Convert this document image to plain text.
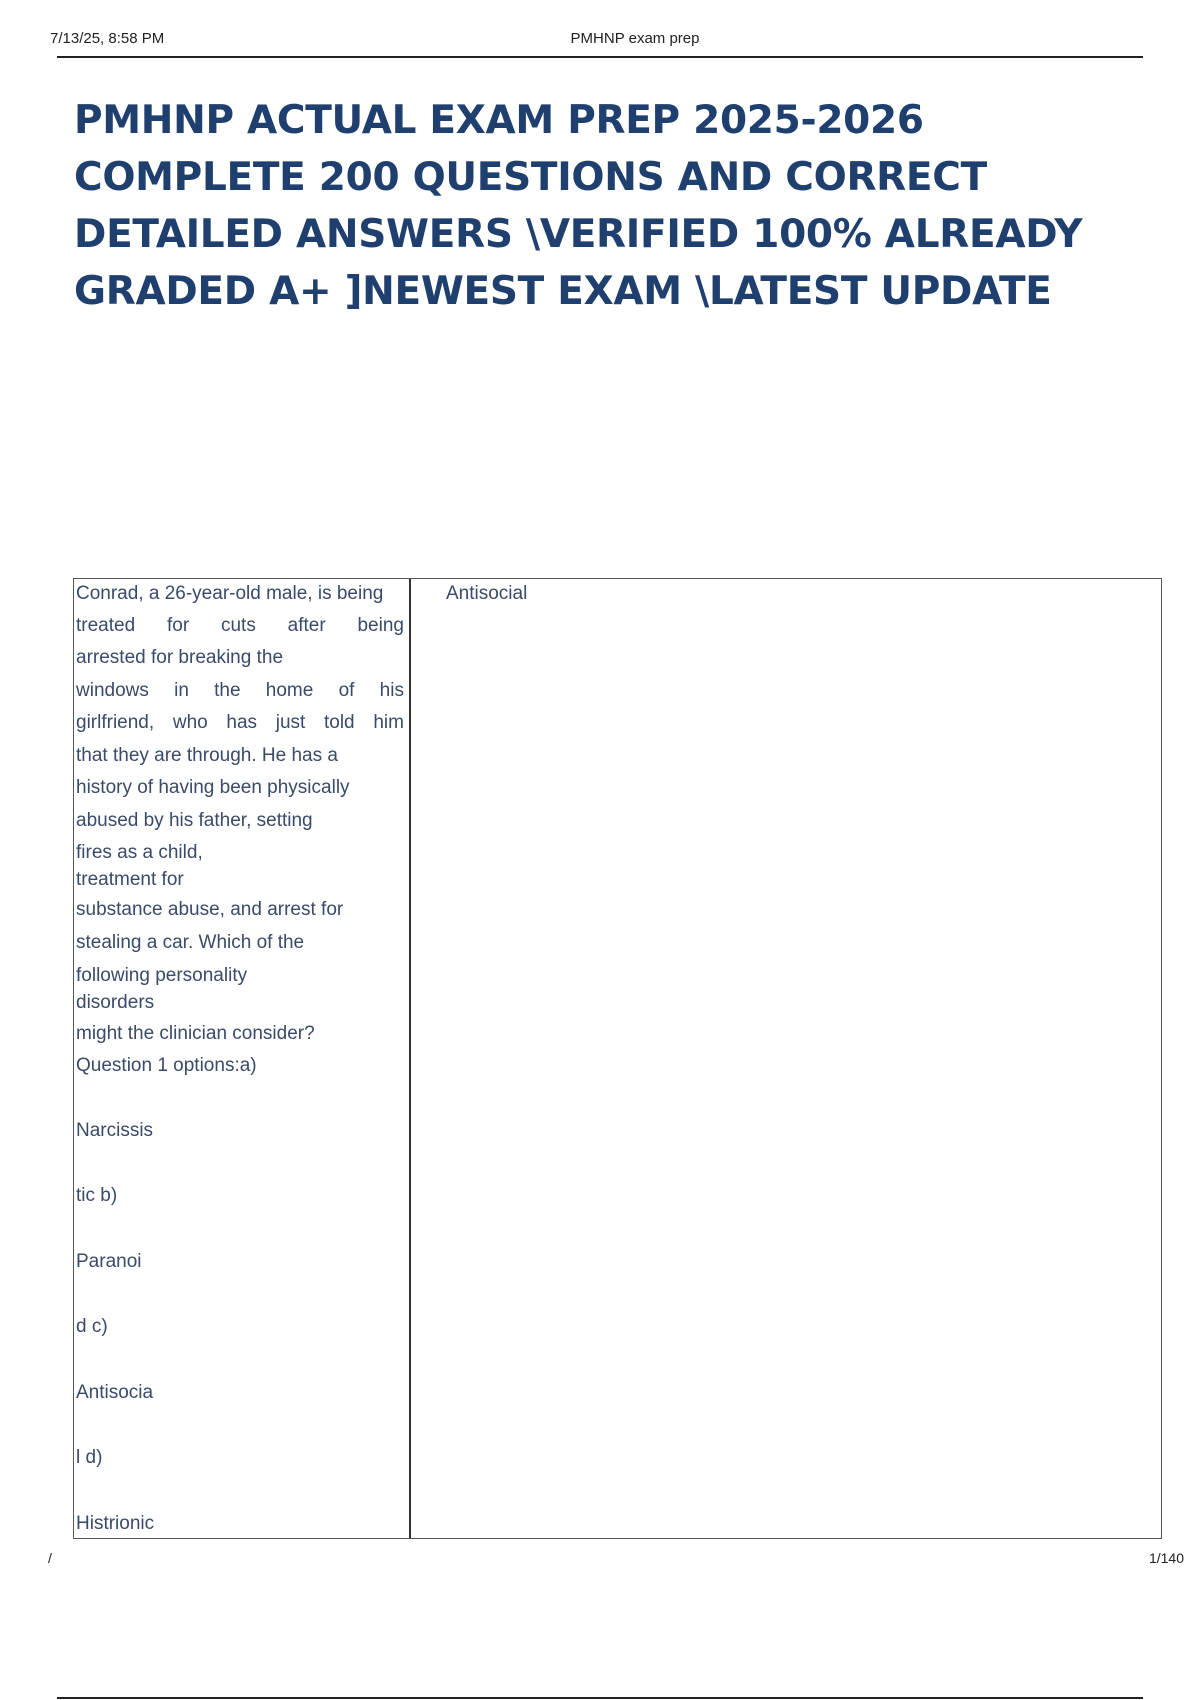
7/13/25, 8:58 PM	PMHNP exam prep
PMHNP ACTUAL EXAM PREP 2025-2026
COMPLETE 200 QUESTIONS AND CORRECT
DETAILED ANSWERS \VERIFIED 100% ALREADY
GRADED A+ ]NEWEST EXAM \LATEST UPDATE
Conrad, a 26-year-old male, is being
treated for cuts after being
arrested for breaking the
windows in the home of his
girlfriend, who has just told him
that they are through. He has a
history of having been physically
abused by his father, setting
fires as a child,
treatment for
substance abuse, and arrest for
stealing a car. Which of the
following personality
disorders
might the clinician consider?
Question 1 options:a)
Narcissis
tic b)
Paranoi
d c)
Antisocia
l d)
Histrionic
Antisocial
/	1/140
